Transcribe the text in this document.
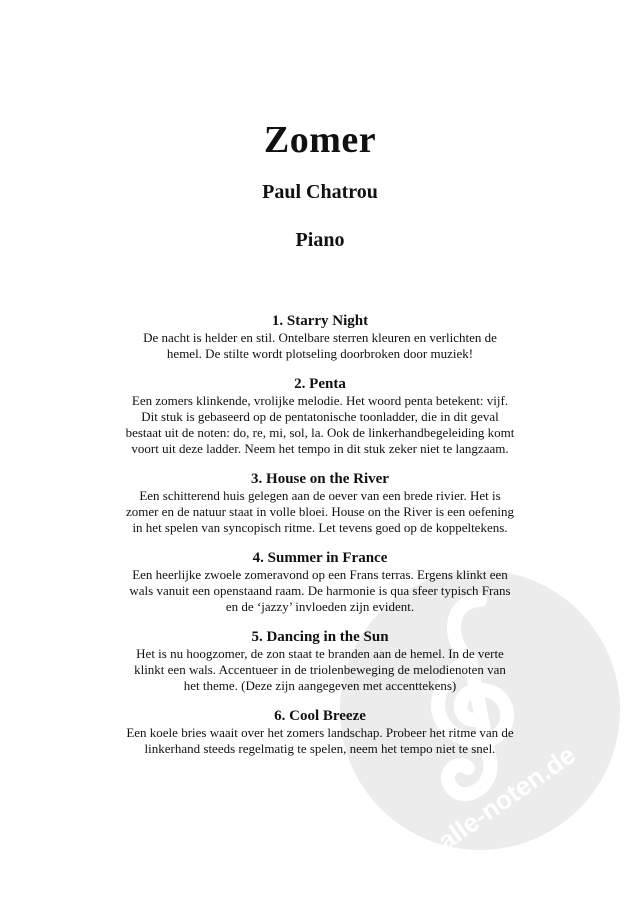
alle-noten.de
Zomer
Paul Chatrou
Piano
1. Starry Night

De nacht is helder en stil. Ontelbare sterren kleuren en verlichten de
hemel. De stilte wordt plotseling doorbroken door muziek!

2. Penta

Een zomers klinkende, vrolijke melodie. Het woord penta betekent: vijf.
Dit stuk is gebaseerd op de pentatonische toonladder, die in dit geval
bestaat uit de noten: do, re, mi, sol, la. Ook de linkerhandbegeleiding komt
voort uit deze ladder. Neem het tempo in dit stuk zeker niet te langzaam.

3. House on the River

Een schitterend huis gelegen aan de oever van een brede rivier. Het is
zomer en de natuur staat in volle bloei. House on the River is een oefening
in het spelen van syncopisch ritme. Let tevens goed op de koppeltekens.

4. Summer in France

Een heerlijke zwoele zomeravond op een Frans terras. Ergens klinkt een
wals vanuit een openstaand raam. De harmonie is qua sfeer typisch Frans
en de ‘jazzy’ invloeden zijn evident.

5. Dancing in the Sun

Het is nu hoogzomer, de zon staat te branden aan de hemel. In de verte
klinkt een wals. Accentueer in de triolenbeweging de melodienoten van
het theme. (Deze zijn aangegeven met accenttekens)

6. Cool Breeze

Een koele bries waait over het zomers landschap. Probeer het ritme van de
linkerhand steeds regelmatig te spelen, neem het tempo niet te snel.
